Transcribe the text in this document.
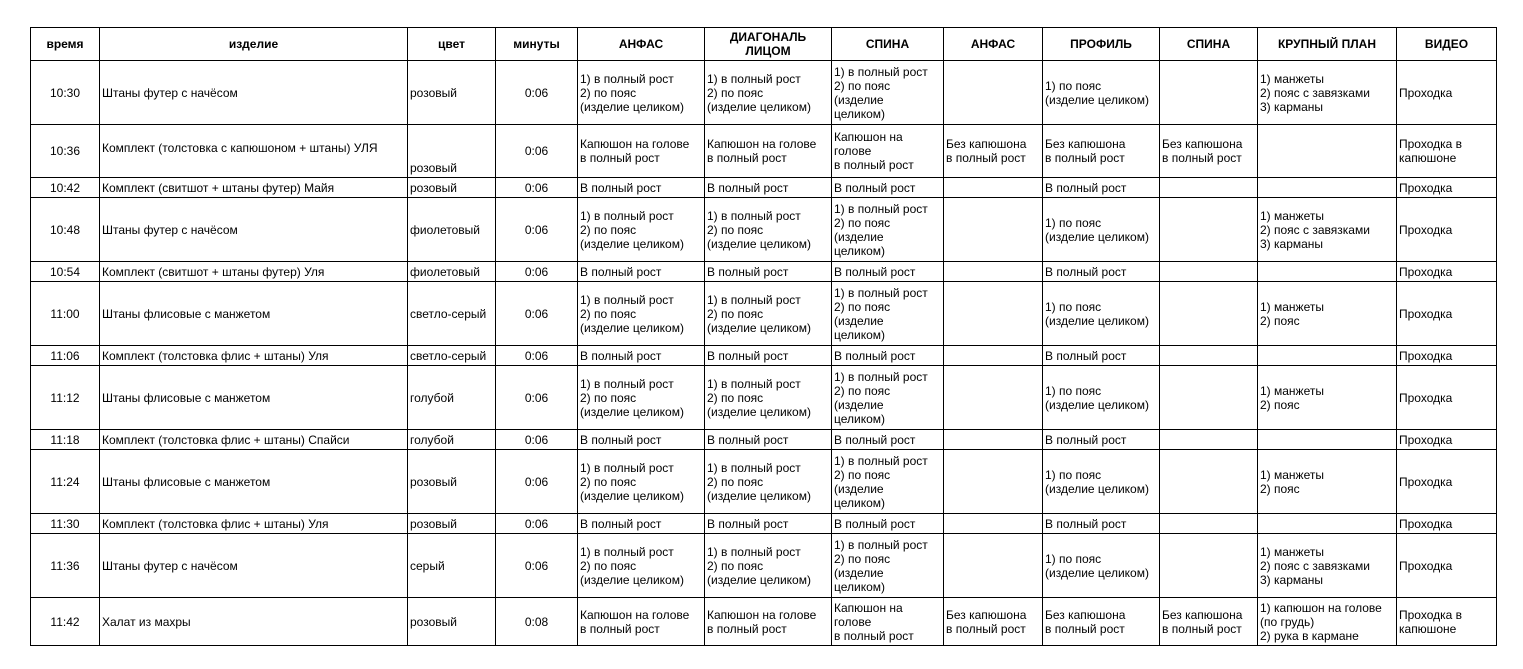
время	изделие	цвет	минуты	АНФАС	ДИАГОНАЛЬ ЛИЦОМ	СПИНА	АНФАС	ПРОФИЛЬ	СПИНА	КРУПНЫЙ ПЛАН	ВИДЕО
10:30	Штаны футер с начёсом	розовый	0:06	1) в полный рост
2) по пояс
(изделие целиком)	1) в полный рост
2) по пояс
(изделие целиком)	1) в полный рост
2) по пояс
(изделие
целиком)		1) по пояс
(изделие целиком)		1) манжеты
2) пояс с завязками
3) карманы	Проходка

10:36	Комплект (толстовка с капюшоном + штаны) УЛЯ	розовый	0:06	Капюшон на голове
в полный рост	Капюшон на голове
в полный рост	Капюшон на
голове
в полный рост	Без капюшона
в полный рост	Без капюшона
в полный рост	Без капюшона
в полный рост		Проходка в
капюшоне

10:42	Комплект (свитшот + штаны футер) Майя	розовый	0:06	В полный рост	В полный рост	В полный рост		В полный рост			Проходка

10:48	Штаны футер с начёсом	фиолетовый	0:06	1) в полный рост
2) по пояс
(изделие целиком)	1) в полный рост
2) по пояс
(изделие целиком)	1) в полный рост
2) по пояс
(изделие
целиком)		1) по пояс
(изделие целиком)		1) манжеты
2) пояс с завязками
3) карманы	Проходка

10:54	Комплект (свитшот + штаны футер) Уля	фиолетовый	0:06	В полный рост	В полный рост	В полный рост		В полный рост			Проходка

11:00	Штаны флисовые с манжетом	светло-серый	0:06	1) в полный рост
2) по пояс
(изделие целиком)	1) в полный рост
2) по пояс
(изделие целиком)	1) в полный рост
2) по пояс
(изделие
целиком)		1) по пояс
(изделие целиком)		1) манжеты
2) пояс	Проходка

11:06	Комплект (толстовка флис + штаны) Уля	светло-серый	0:06	В полный рост	В полный рост	В полный рост		В полный рост			Проходка

11:12	Штаны флисовые с манжетом	голубой	0:06	1) в полный рост
2) по пояс
(изделие целиком)	1) в полный рост
2) по пояс
(изделие целиком)	1) в полный рост
2) по пояс
(изделие
целиком)		1) по пояс
(изделие целиком)		1) манжеты
2) пояс	Проходка

11:18	Комплект (толстовка флис + штаны) Спайси	голубой	0:06	В полный рост	В полный рост	В полный рост		В полный рост			Проходка

11:24	Штаны флисовые с манжетом	розовый	0:06	1) в полный рост
2) по пояс
(изделие целиком)	1) в полный рост
2) по пояс
(изделие целиком)	1) в полный рост
2) по пояс
(изделие
целиком)		1) по пояс
(изделие целиком)		1) манжеты
2) пояс	Проходка

11:30	Комплект (толстовка флис + штаны) Уля	розовый	0:06	В полный рост	В полный рост	В полный рост		В полный рост			Проходка

11:36	Штаны футер с начёсом	серый	0:06	1) в полный рост
2) по пояс
(изделие целиком)	1) в полный рост
2) по пояс
(изделие целиком)	1) в полный рост
2) по пояс
(изделие
целиком)		1) по пояс
(изделие целиком)		1) манжеты
2) пояс с завязками
3) карманы	Проходка

11:42	Халат из махры	розовый	0:08	Капюшон на голове
в полный рост	Капюшон на голове
в полный рост	Капюшон на
голове
в полный рост	Без капюшона
в полный рост	Без капюшона
в полный рост	Без капюшона
в полный рост	1) капюшон на голове
(по грудь)
2) рука в кармане	Проходка в
капюшоне
